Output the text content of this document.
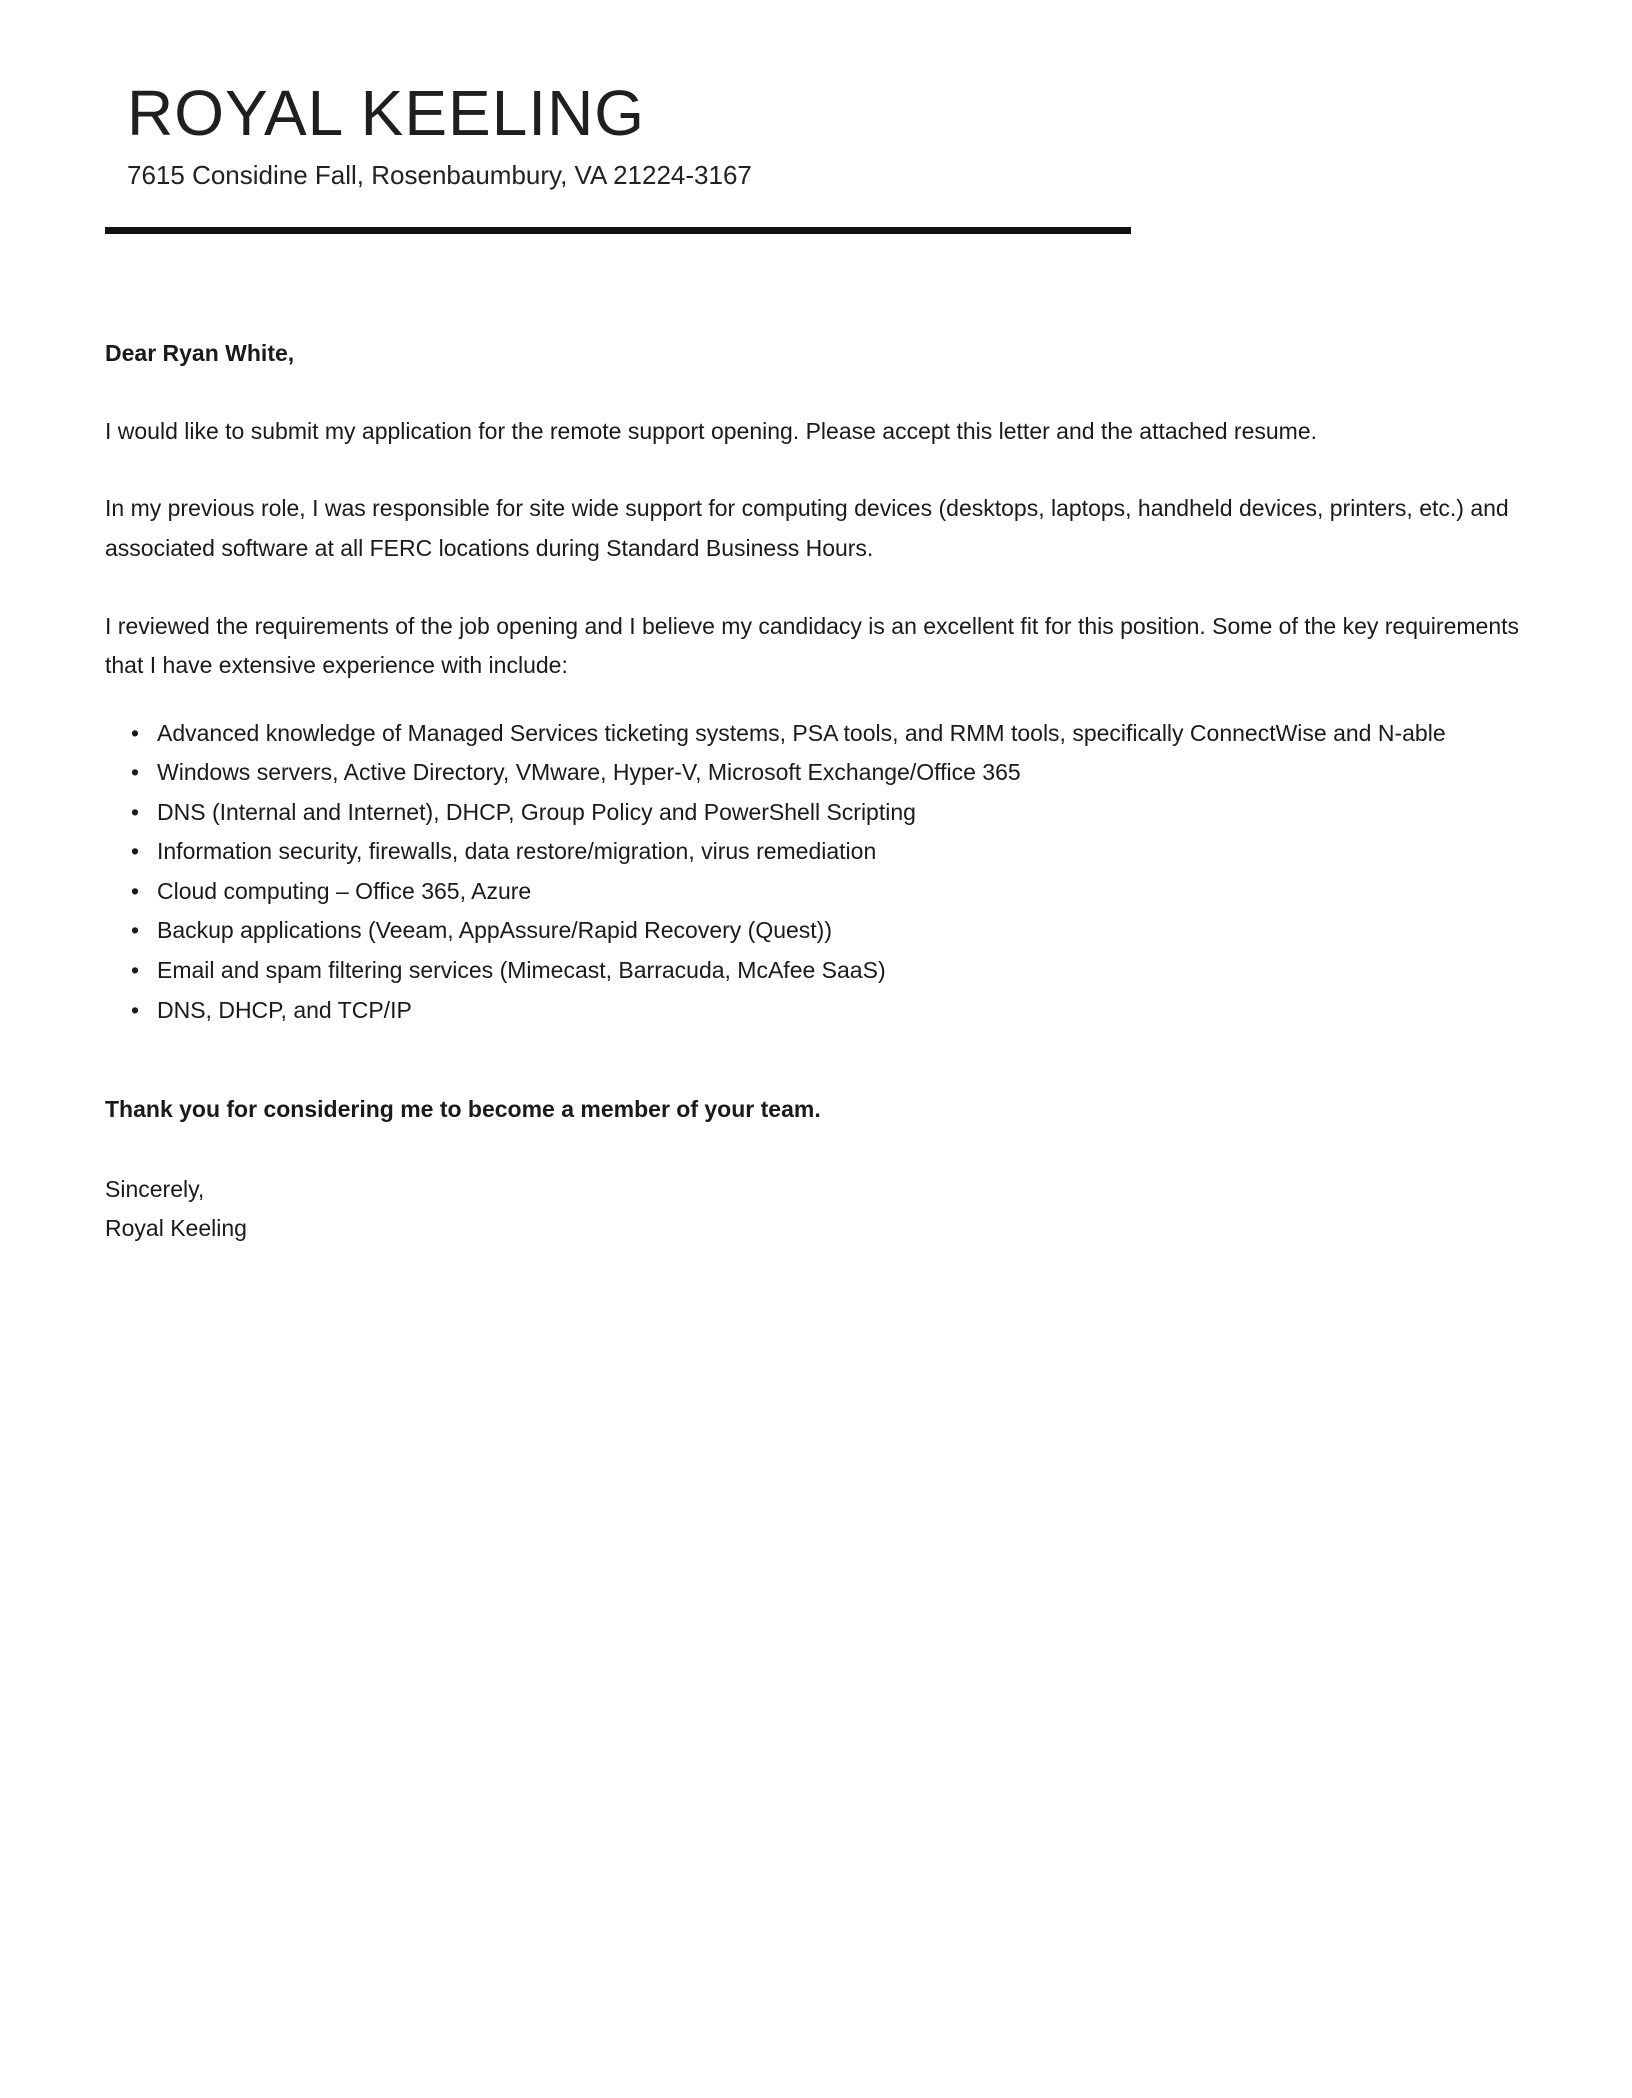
ROYAL KEELING
7615 Considine Fall, Rosenbaumbury, VA 21224-3167

Dear Ryan White,

I would like to submit my application for the remote support opening. Please accept this letter and the attached resume.

In my previous role, I was responsible for site wide support for computing devices (desktops, laptops, handheld devices, printers, etc.) and associated software at all FERC locations during Standard Business Hours.

I reviewed the requirements of the job opening and I believe my candidacy is an excellent fit for this position. Some of the key requirements that I have extensive experience with include:

• Advanced knowledge of Managed Services ticketing systems, PSA tools, and RMM tools, specifically ConnectWise and N-able
• Windows servers, Active Directory, VMware, Hyper-V, Microsoft Exchange/Office 365
• DNS (Internal and Internet), DHCP, Group Policy and PowerShell Scripting
• Information security, firewalls, data restore/migration, virus remediation
• Cloud computing – Office 365, Azure
• Backup applications (Veeam, AppAssure/Rapid Recovery (Quest))
• Email and spam filtering services (Mimecast, Barracuda, McAfee SaaS)
• DNS, DHCP, and TCP/IP

Thank you for considering me to become a member of your team.

Sincerely,
Royal Keeling
